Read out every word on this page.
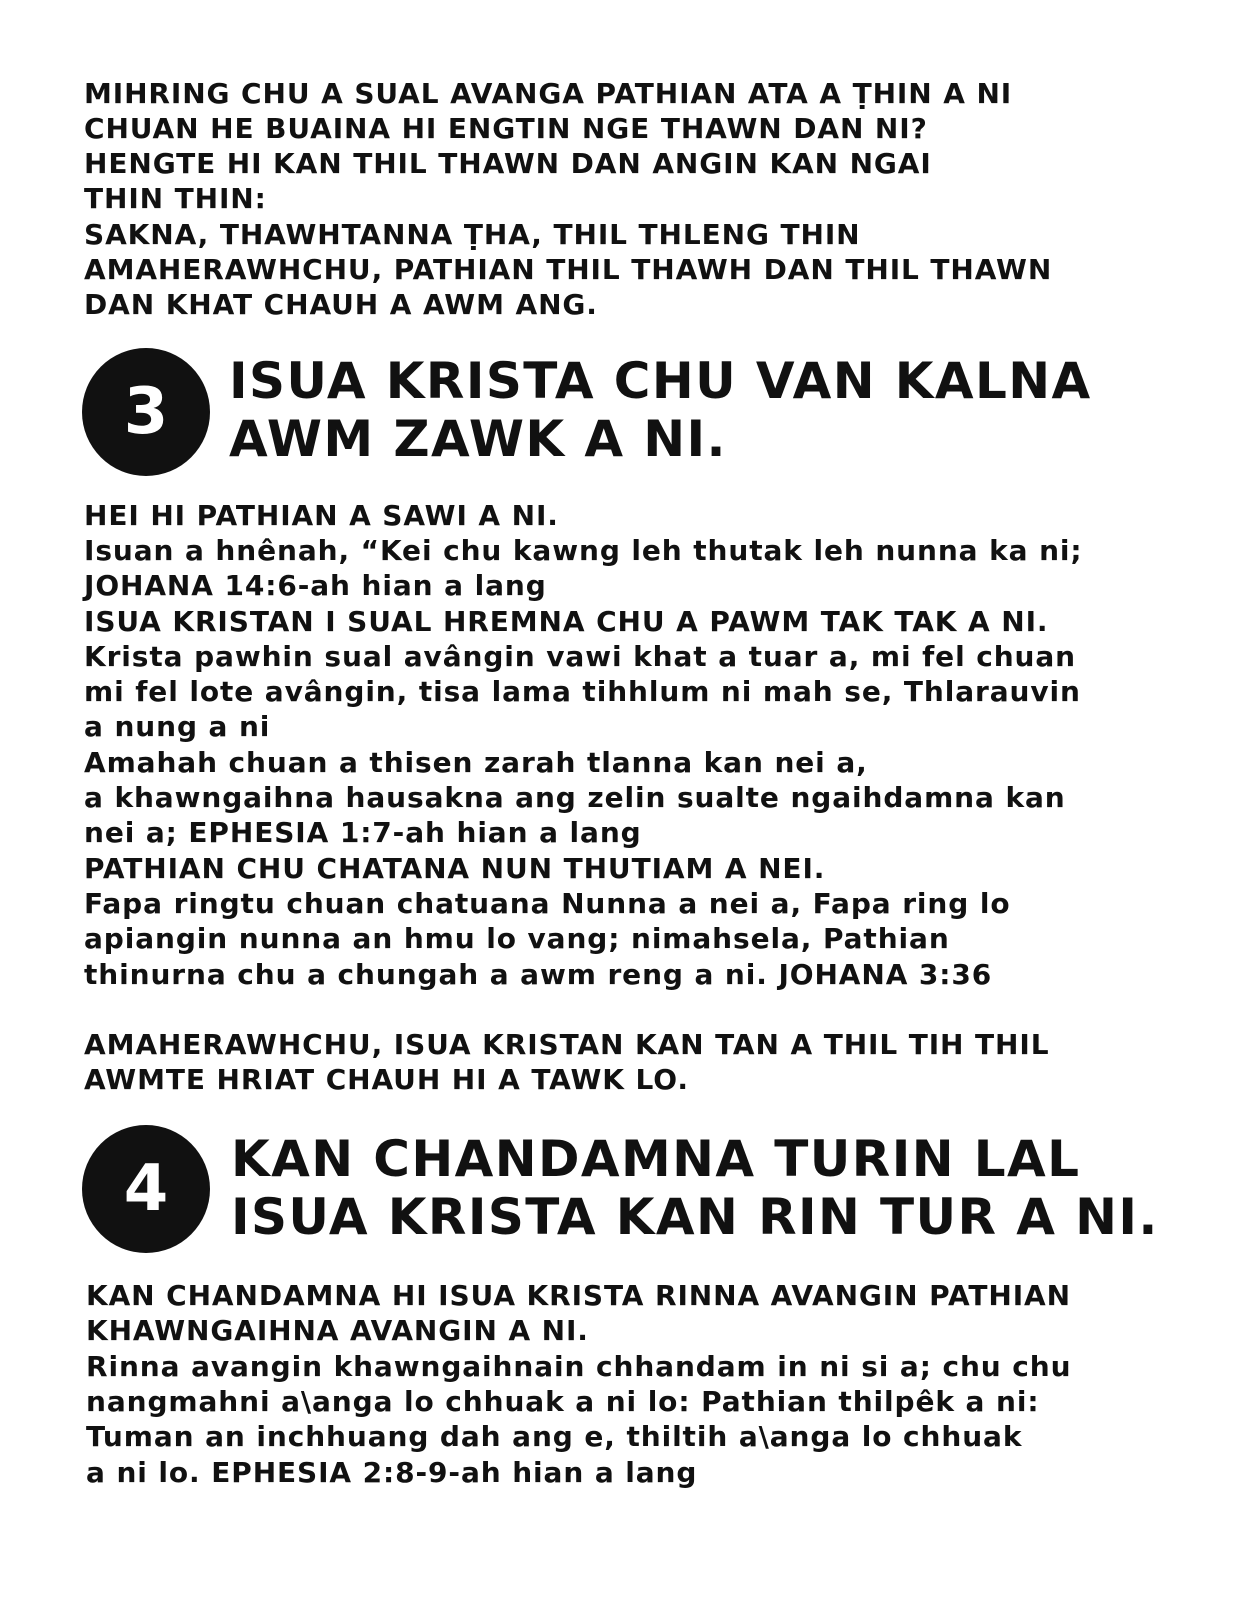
MIHRING CHU A SUAL AVANGA PATHIAN ATA A ṬHIN A NI
CHUAN HE BUAINA HI ENGTIN NGE THAWN DAN NI?
HENGTE HI KAN THIL THAWN DAN ANGIN KAN NGAI
THIN THIN:
SAKNA, THAWHTANNA ṬHA, THIL THLENG THIN
AMAHERAWHCHU, PATHIAN THIL THAWH DAN THIL THAWN
DAN KHAT CHAUH A AWM ANG.
3	ISUA KRISTA CHU VAN KALNA
AWM ZAWK A NI.
HEI HI PATHIAN A SAWI A NI.
Isuan a hnênah, “Kei chu kawng leh thutak leh nunna ka ni;
JOHANA 14:6-ah hian a lang
ISUA KRISTAN I SUAL HREMNA CHU A PAWM TAK TAK A NI.
Krista pawhin sual avângin vawi khat a tuar a, mi fel chuan
mi fel lote avângin, tisa lama tihhlum ni mah se, Thlarauvin
a nung a ni
Amahah chuan a thisen zarah tlanna kan nei a,
a khawngaihna hausakna ang zelin sualte ngaihdamna kan
nei a; EPHESIA 1:7-ah hian a lang
PATHIAN CHU CHATANA NUN THUTIAM A NEI.
Fapa ringtu chuan chatuana Nunna a nei a, Fapa ring lo
apiangin nunna an hmu lo vang; nimahsela, Pathian
thinurna chu a chungah a awm reng a ni. JOHANA 3:36
AMAHERAWHCHU, ISUA KRISTAN KAN TAN A THIL TIH THIL
AWMTE HRIAT CHAUH HI A TAWK LO.
4	KAN CHANDAMNA TURIN LAL
ISUA KRISTA KAN RIN TUR A NI.
KAN CHANDAMNA HI ISUA KRISTA RINNA AVANGIN PATHIAN
KHAWNGAIHNA AVANGIN A NI.
Rinna avangin khawngaihnain chhandam in ni si a; chu chu
nangmahni a\anga lo chhuak a ni lo: Pathian thilpêk a ni:
Tuman an inchhuang dah ang e, thiltih a\anga lo chhuak
a ni lo. EPHESIA 2:8-9-ah hian a lang
